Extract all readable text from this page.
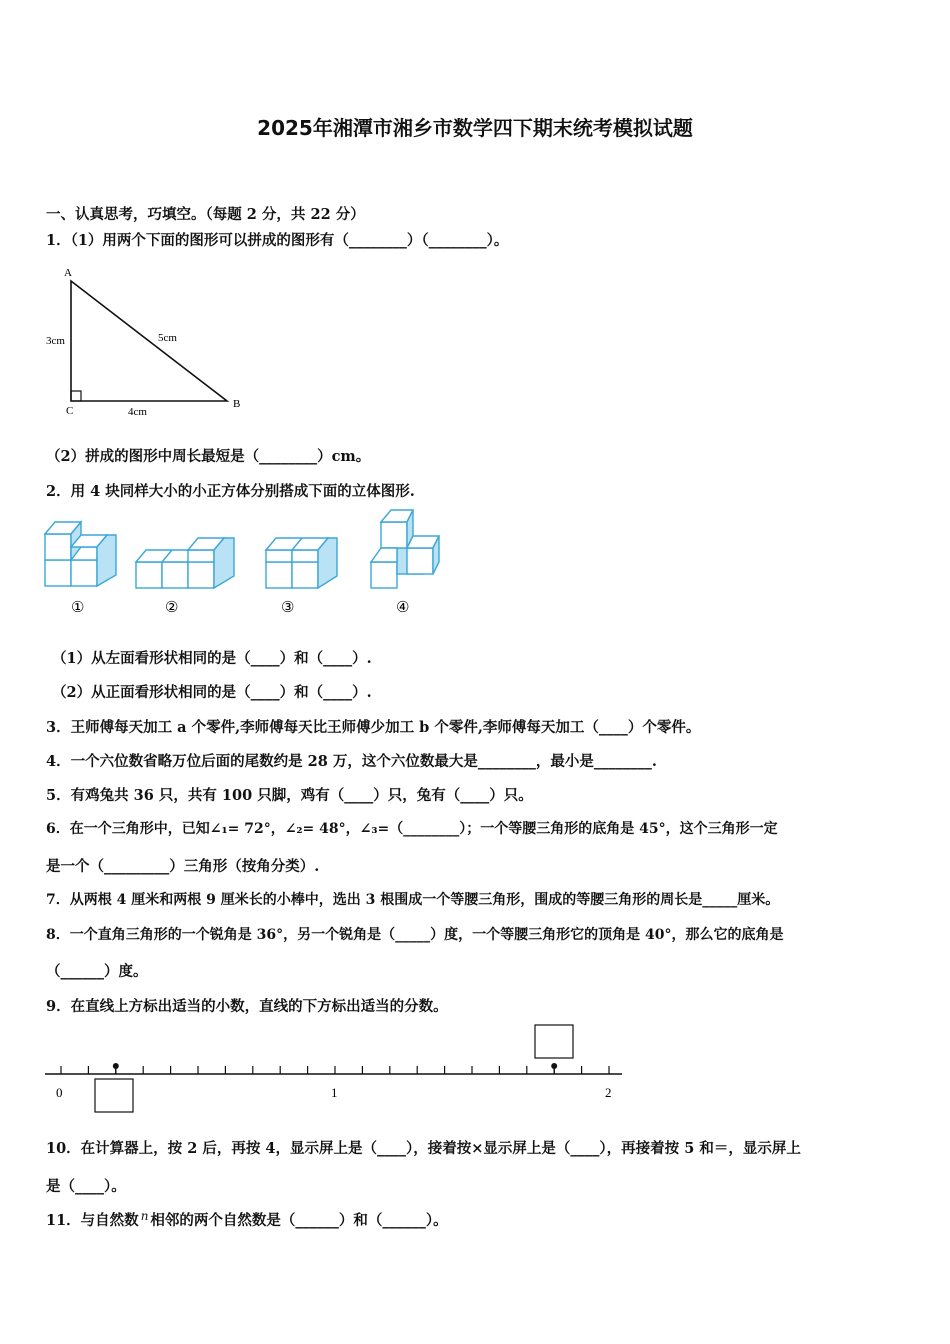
2025年湘潭市湘乡市数学四下期末统考模拟试题
一、认真思考，巧填空。（每题 2 分，共 22 分）
1．（1）用两个下面的图形可以拼成的图形有（________）（________）。
A
C
B
3cm
4cm
5cm
（2）拼成的图形中周长最短是（________）cm。
2．用 4 块同样大小的小正方体分别搭成下面的立体图形.
①	②	③	④
（1）从左面看形状相同的是（____）和（____）.
（2）从正面看形状相同的是（____）和（____）.
3．王师傅每天加工 a 个零件,李师傅每天比王师傅少加工 b 个零件,李师傅每天加工（____）个零件。
4．一个六位数省略万位后面的尾数约是 28 万，这个六位数最大是________，最小是________.
5．有鸡兔共 36 只，共有 100 只脚，鸡有（____）只，兔有（____）只。
6．在一个三角形中，已知∠₁= 72°，∠₂= 48°，∠₃=（________）；一个等腰三角形的底角是 45°，这个三角形一定
是一个（_________）三角形（按角分类）.
7．从两根 4 厘米和两根 9 厘米长的小棒中，选出 3 根围成一个等腰三角形，围成的等腰三角形的周长是_____厘米。
8．一个直角三角形的一个锐角是 36°，另一个锐角是（_____）度，一个等腰三角形它的顶角是 40°，那么它的底角是
（______）度。
9．在直线上方标出适当的小数，直线的下方标出适当的分数。
0	1	2
10．在计算器上，按 2 后，再按 4，显示屏上是（____），接着按×显示屏上是（____），再接着按 5 和＝，显示屏上
是（____）。
11．与自然数 $^n$ 相邻的两个自然数是（______）和（______）。
